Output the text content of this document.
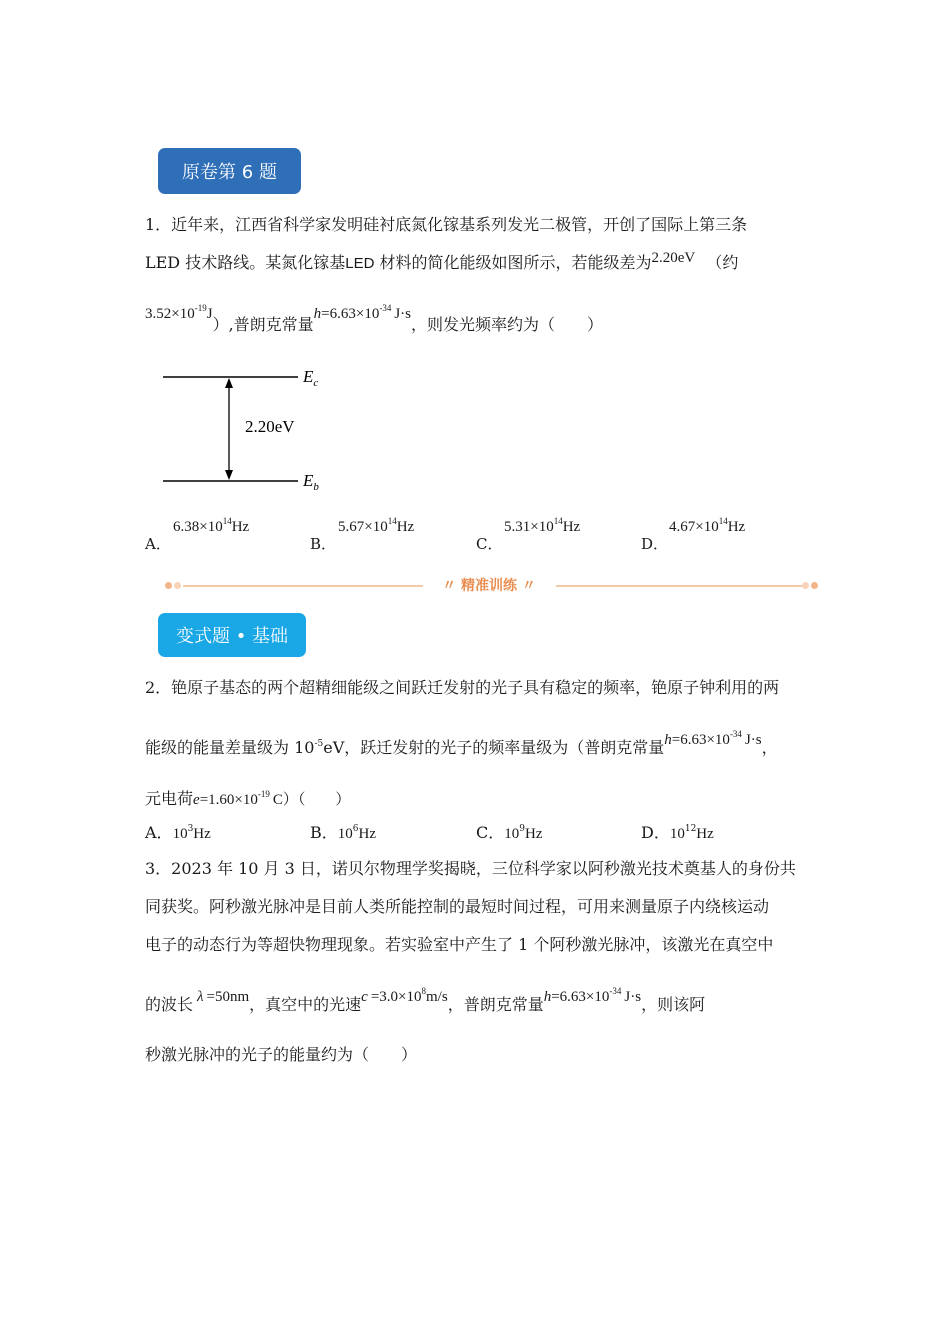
原卷第 6 题
1．近年来，江西省科学家发明硅衬底氮化镓基系列发光二极管，开创了国际上第三条
LED 技术路线。某氮化镓基LED 材料的简化能级如图所示，若能级差为2.20eV （约
$3.52\times 10^{-19}J$）,普朗克常量$h=6.63\times 10^{-34}$ J·s，则发光频率约为（　　）
2.20eV
$E_c$
$E_b$
A．
$6.38\times 10^{14}Hz$
B．
$5.67\times 10^{14}Hz$
C．
$5.31\times 10^{14}Hz$
D．
$4.67\times 10^{14}Hz$
〃 精准训练 〃
变式题 • 基础
2．铯原子基态的两个超精细能级之间跃迁发射的光子具有稳定的频率，铯原子钟利用的两
能级的能量差量级为 $10^{-5}eV$，跃迁发射的光子的频率量级为（普朗克常量$h=6.63\times 10^{-34}$ J·s，
元电荷$e=1.60\times 10^{-19}$ C）（　　）
A．$10^3Hz$	B．$10^6Hz$	C．$10^9Hz$	D．$10^{12}Hz$
3．2023 年 10 月 3 日，诺贝尔物理学奖揭晓，三位科学家以阿秒激光技术奠基人的身份共
同获奖。阿秒激光脉冲是目前人类所能控制的最短时间过程，可用来测量原子内绕核运动
电子的动态行为等超快物理现象。若实验室中产生了 1 个阿秒激光脉冲，该激光在真空中
的波长 λ =50nm，真空中的光速$c =3.0\times 10^8m/s$，普朗克常量$h=6.63\times 10^{-34}$ J·s，则该阿
秒激光脉冲的光子的能量约为（　　）
